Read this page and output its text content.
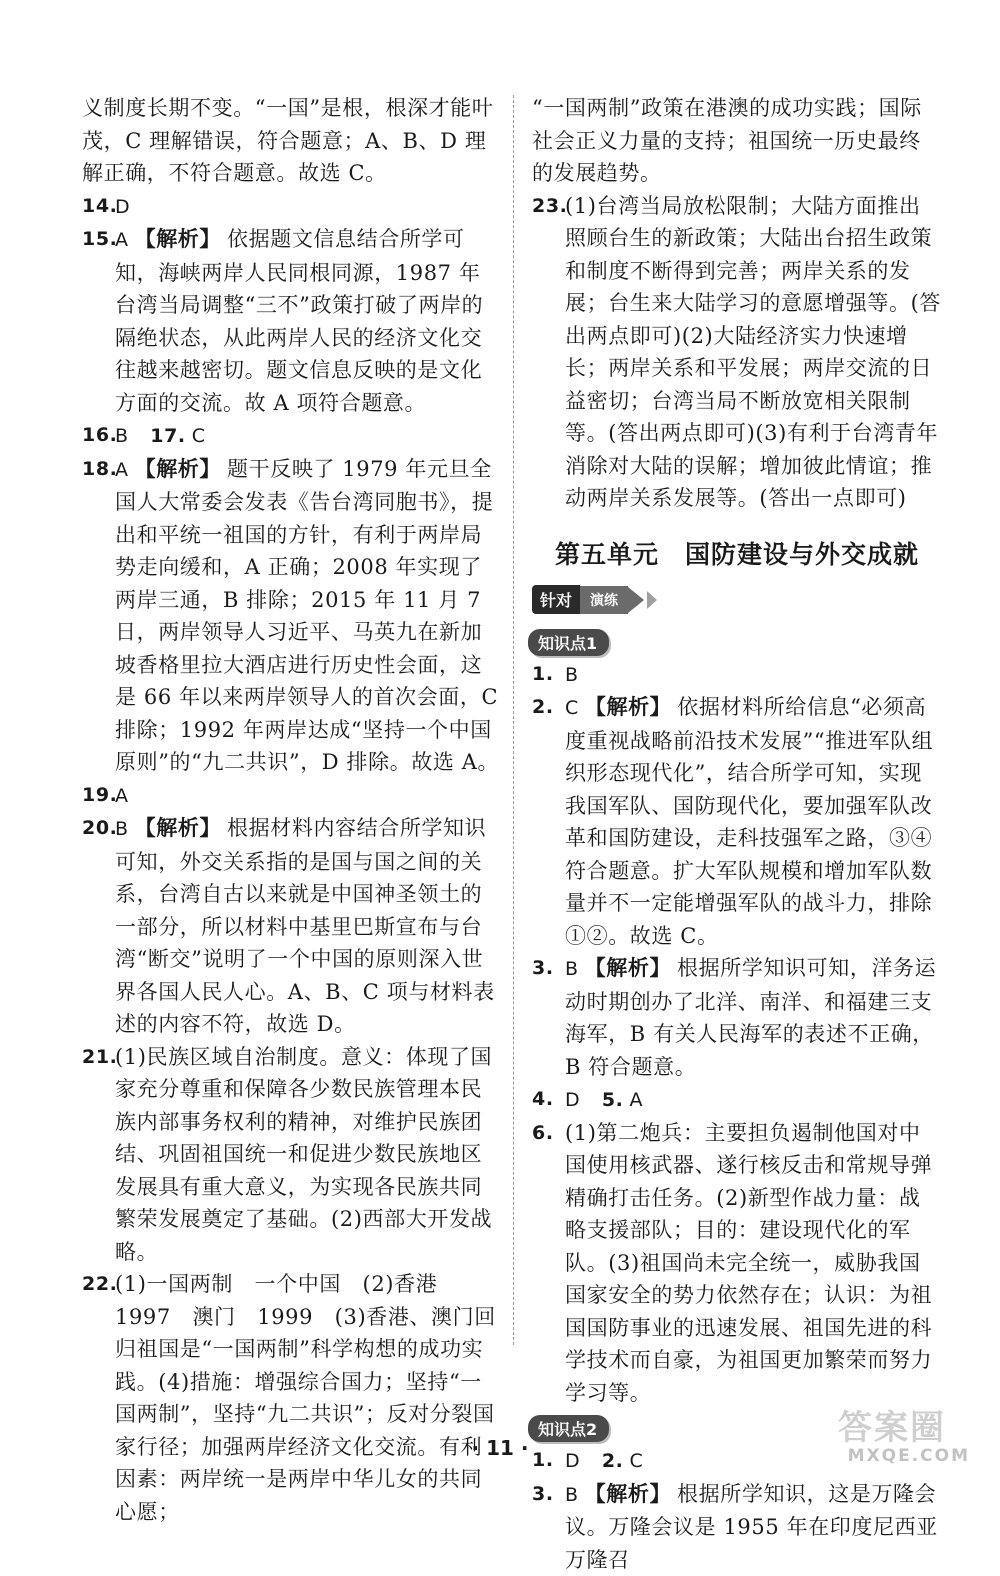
义制度长期不变。“一国”是根，根深才能叶茂，C 理解错误，符合题意；A、B、D 理解正确，不符合题意。故选 C。
14.
D
15.
A 【解析】 依据题文信息结合所学可知，海峡两岸人民同根同源，1987 年台湾当局调整“三不”政策打破了两岸的隔绝状态，从此两岸人民的经济文化交往越来越密切。题文信息反映的是文化方面的交流。故 A 项符合题意。
16.
B　 17. C
18.
A 【解析】 题干反映了 1979 年元旦全国人大常委会发表《告台湾同胞书》，提出和平统一祖国的方针，有利于两岸局势走向缓和，A 正确；2008 年实现了两岸三通，B 排除；2015 年 11 月 7 日，两岸领导人习近平、马英九在新加坡香格里拉大酒店进行历史性会面，这是 66 年以来两岸领导人的首次会面，C 排除；1992 年两岸达成“坚持一个中国原则”的“九二共识”，D 排除。故选 A。
19.
A
20.
B 【解析】 根据材料内容结合所学知识可知，外交关系指的是国与国之间的关系，台湾自古以来就是中国神圣领土的一部分，所以材料中基里巴斯宣布与台湾“断交”说明了一个中国的原则深入世界各国人民人心。A、B、C 项与材料表述的内容不符，故选 D。
21.
(1)民族区域自治制度。意义：体现了国家充分尊重和保障各少数民族管理本民族内部事务权利的精神，对维护民族团结、巩固祖国统一和促进少数民族地区发展具有重大意义，为实现各民族共同繁荣发展奠定了基础。(2)西部大开发战略。
22.
(1)一国两制　一个中国　(2)香港　1997　澳门　1999　(3)香港、澳门回归祖国是“一国两制”科学构想的成功实践。(4)措施：增强综合国力；坚持“一国两制”，坚持“九二共识”；反对分裂国家行径；加强两岸经济文化交流。有利因素：两岸统一是两岸中华儿女的共同心愿；
“一国两制”政策在港澳的成功实践；国际社会正义力量的支持；祖国统一历史最终的发展趋势。
23.
(1)台湾当局放松限制；大陆方面推出照顾台生的新政策；大陆出台招生政策和制度不断得到完善；两岸关系的发展；台生来大陆学习的意愿增强等。(答出两点即可)(2)大陆经济实力快速增长；两岸关系和平发展；两岸交流的日益密切；台湾当局不断放宽相关限制等。(答出两点即可)(3)有利于台湾青年消除对大陆的误解；增加彼此情谊；推动两岸关系发展等。(答出一点即可)
第五单元　国防建设与外交成就
针对	演练
知识点1
1. B
2. C 【解析】 依据材料所给信息“必须高度重视战略前沿技术发展”“推进军队组织形态现代化”，结合所学可知，实现我国军队、国防现代化，要加强军队改革和国防建设，走科技强军之路，③④符合题意。扩大军队规模和增加军队数量并不一定能增强军队的战斗力，排除①②。故选 C。
3. B 【解析】 根据所学知识可知，洋务运动时期创办了北洋、南洋、和福建三支海军，B 有关人民海军的表述不正确，B 符合题意。
4. D　 5. A
6. (1)第二炮兵：主要担负遏制他国对中国使用核武器、遂行核反击和常规导弹精确打击任务。(2)新型作战力量：战略支援部队；目的：建设现代化的军队。(3)祖国尚未完全统一，威胁我国国家安全的势力依然存在；认识：为祖国国防事业的迅速发展、祖国先进的科学技术而自豪，为祖国更加繁荣而努力学习等。
知识点2
1. D　 2. C
3. B 【解析】 根据所学知识，这是万隆会议。万隆会议是 1955 年在印度尼西亚万隆召
· 11 ·	答案圈
MXQE.COM
